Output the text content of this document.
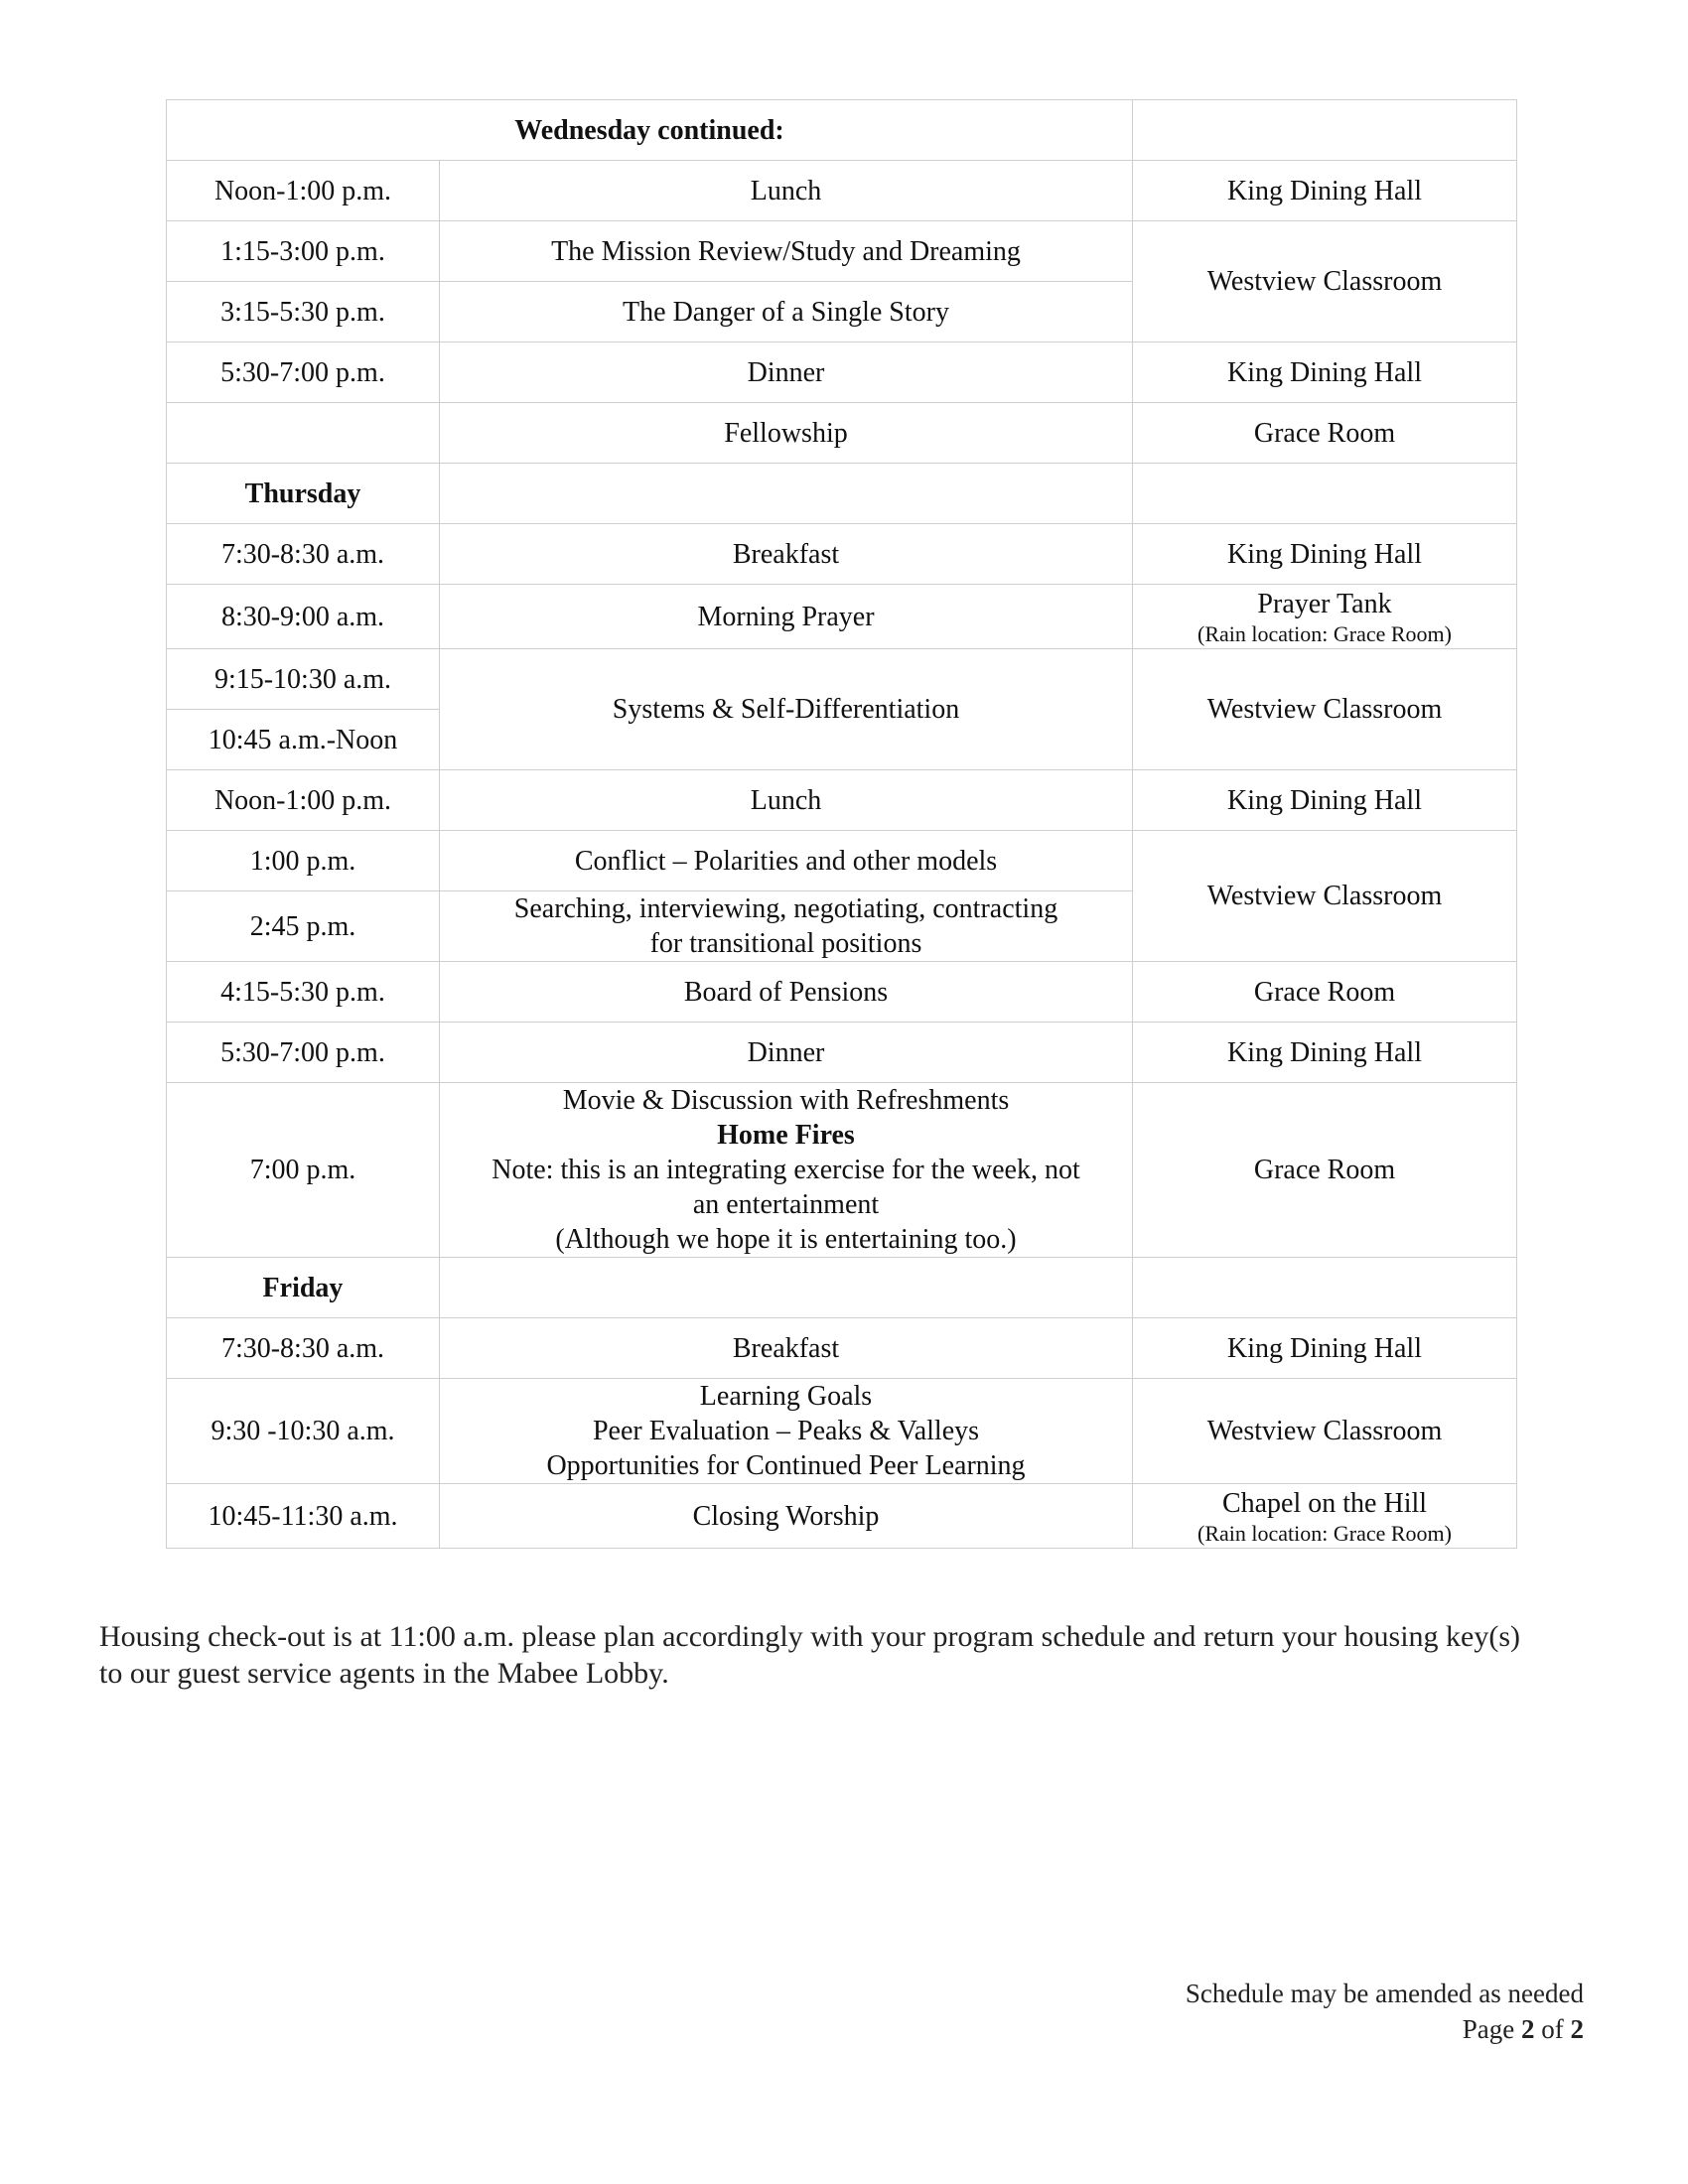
Wednesday continued:		
Noon-1:00 p.m.	Lunch	King Dining Hall
1:15-3:00 p.m.	The Mission Review/Study and Dreaming	Westview Classroom
3:15-5:30 p.m.	The Danger of a Single Story	
5:30-7:00 p.m.	Dinner	King Dining Hall
	Fellowship	Grace Room
Thursday		
7:30-8:30 a.m.	Breakfast	King Dining Hall
8:30-9:00 a.m.	Morning Prayer	Prayer Tank
(Rain location: Grace Room)

9:15-10:30 a.m.	Systems & Self-Differentiation	Westview Classroom
10:45 a.m.-Noon		
Noon-1:00 p.m.	Lunch	King Dining Hall
1:00 p.m.	Conflict – Polarities and other models	Westview Classroom
2:45 p.m.	Searching, interviewing, negotiating, contracting
for transitional positions	

4:15-5:30 p.m.	Board of Pensions	Grace Room
5:30-7:00 p.m.	Dinner	King Dining Hall
7:00 p.m.	Movie & Discussion with Refreshments
Home Fires
Note: this is an integrating exercise for the week, not
an entertainment
(Although we hope it is entertaining too.)	Grace Room
Friday		
7:30-8:30 a.m.	Breakfast	King Dining Hall
9:30 -10:30 a.m.	Learning Goals
Peer Evaluation – Peaks & Valleys
Opportunities for Continued Peer Learning	Westview Classroom
10:45-11:30 a.m.	Closing Worship	Chapel on the Hill
(Rain location: Grace Room)

Housing check-out is at 11:00 a.m. please plan accordingly with your program schedule and return your housing key(s) to our guest service agents in the Mabee Lobby.

Schedule may be amended as needed
Page 2 of 2
